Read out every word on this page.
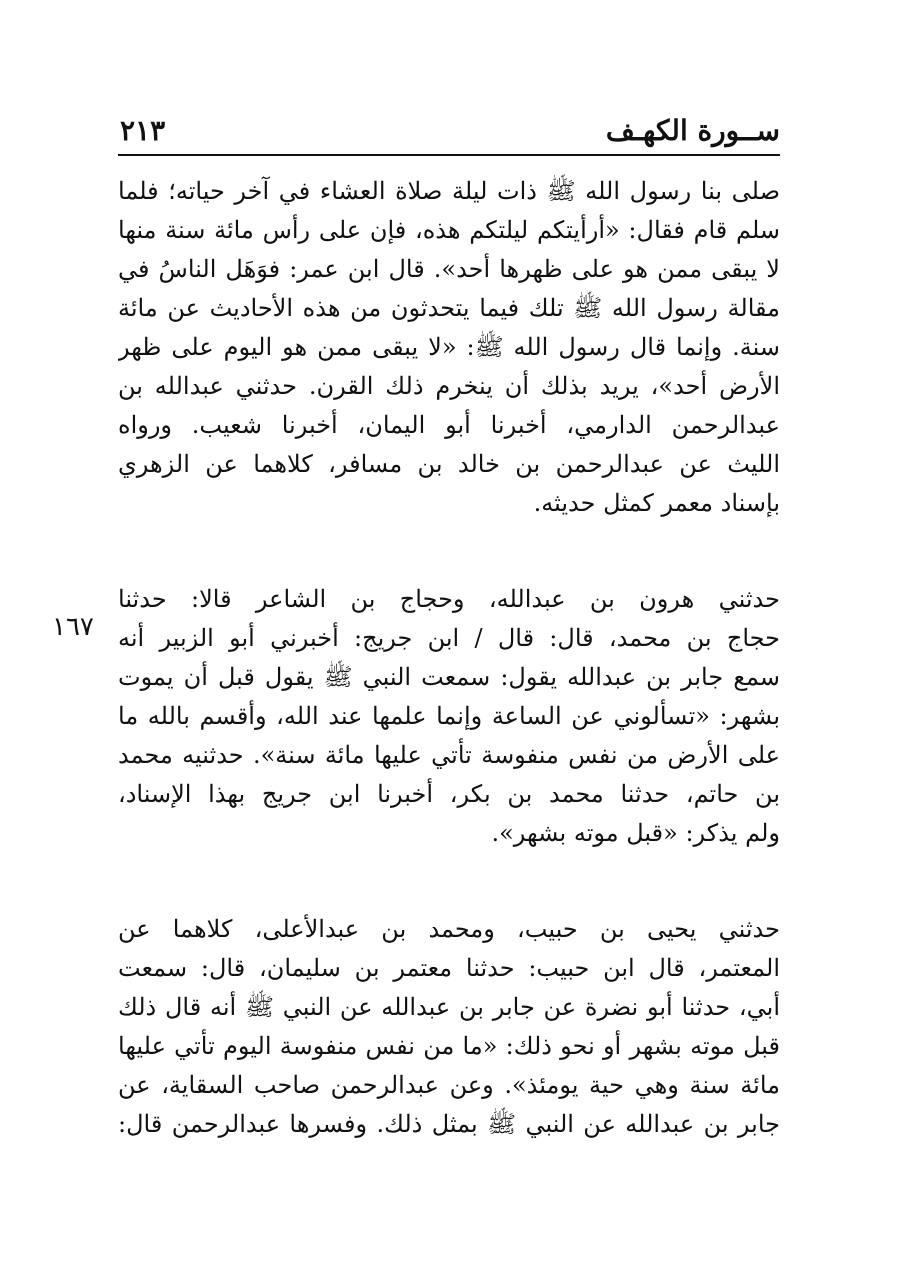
ســورة الكهـف
٢١٣
١٦٧
صلى بنا رسول الله ﷺ ذات ليلة صلاة العشاء في آخر حياته؛ فلما
سلم قام فقال: «أرأيتكم ليلتكم هذه، فإن على رأس مائة سنة منها
لا يبقى ممن هو على ظهرها أحد». قال ابن عمر: فوَهَل الناسُ في
مقالة رسول الله ﷺ تلك فيما يتحدثون من هذه الأحاديث عن مائة
سنة. وإنما قال رسول الله ﷺ: «لا يبقى ممن هو اليوم على ظهر
الأرض أحد»، يريد بذلك أن ينخرم ذلك القرن. حدثني عبدالله بن
عبدالرحمن الدارمي، أخبرنا أبو اليمان، أخبرنا شعيب. ورواه
الليث عن عبدالرحمن بن خالد بن مسافر، كلاهما عن الزهري
بإسناد معمر كمثل حديثه.
حدثني هرون بن عبدالله، وحجاج بن الشاعر قالا: حدثنا
حجاج بن محمد، قال: قال / ابن جريج: أخبرني أبو الزبير أنه
سمع جابر بن عبدالله يقول: سمعت النبي ﷺ يقول قبل أن يموت
بشهر: «تسألوني عن الساعة وإنما علمها عند الله، وأقسم بالله ما
على الأرض من نفس منفوسة تأتي عليها مائة سنة». حدثنيه محمد
بن حاتم، حدثنا محمد بن بكر، أخبرنا ابن جريج بهذا الإسناد،
ولم يذكر: «قبل موته بشهر».
حدثني يحيى بن حبيب، ومحمد بن عبدالأعلى، كلاهما عن
المعتمر، قال ابن حبيب: حدثنا معتمر بن سليمان، قال: سمعت
أبي، حدثنا أبو نضرة عن جابر بن عبدالله عن النبي ﷺ أنه قال ذلك
قبل موته بشهر أو نحو ذلك: «ما من نفس منفوسة اليوم تأتي عليها
مائة سنة وهي حية يومئذ». وعن عبدالرحمن صاحب السقاية، عن
جابر بن عبدالله عن النبي ﷺ بمثل ذلك. وفسرها عبدالرحمن قال:
